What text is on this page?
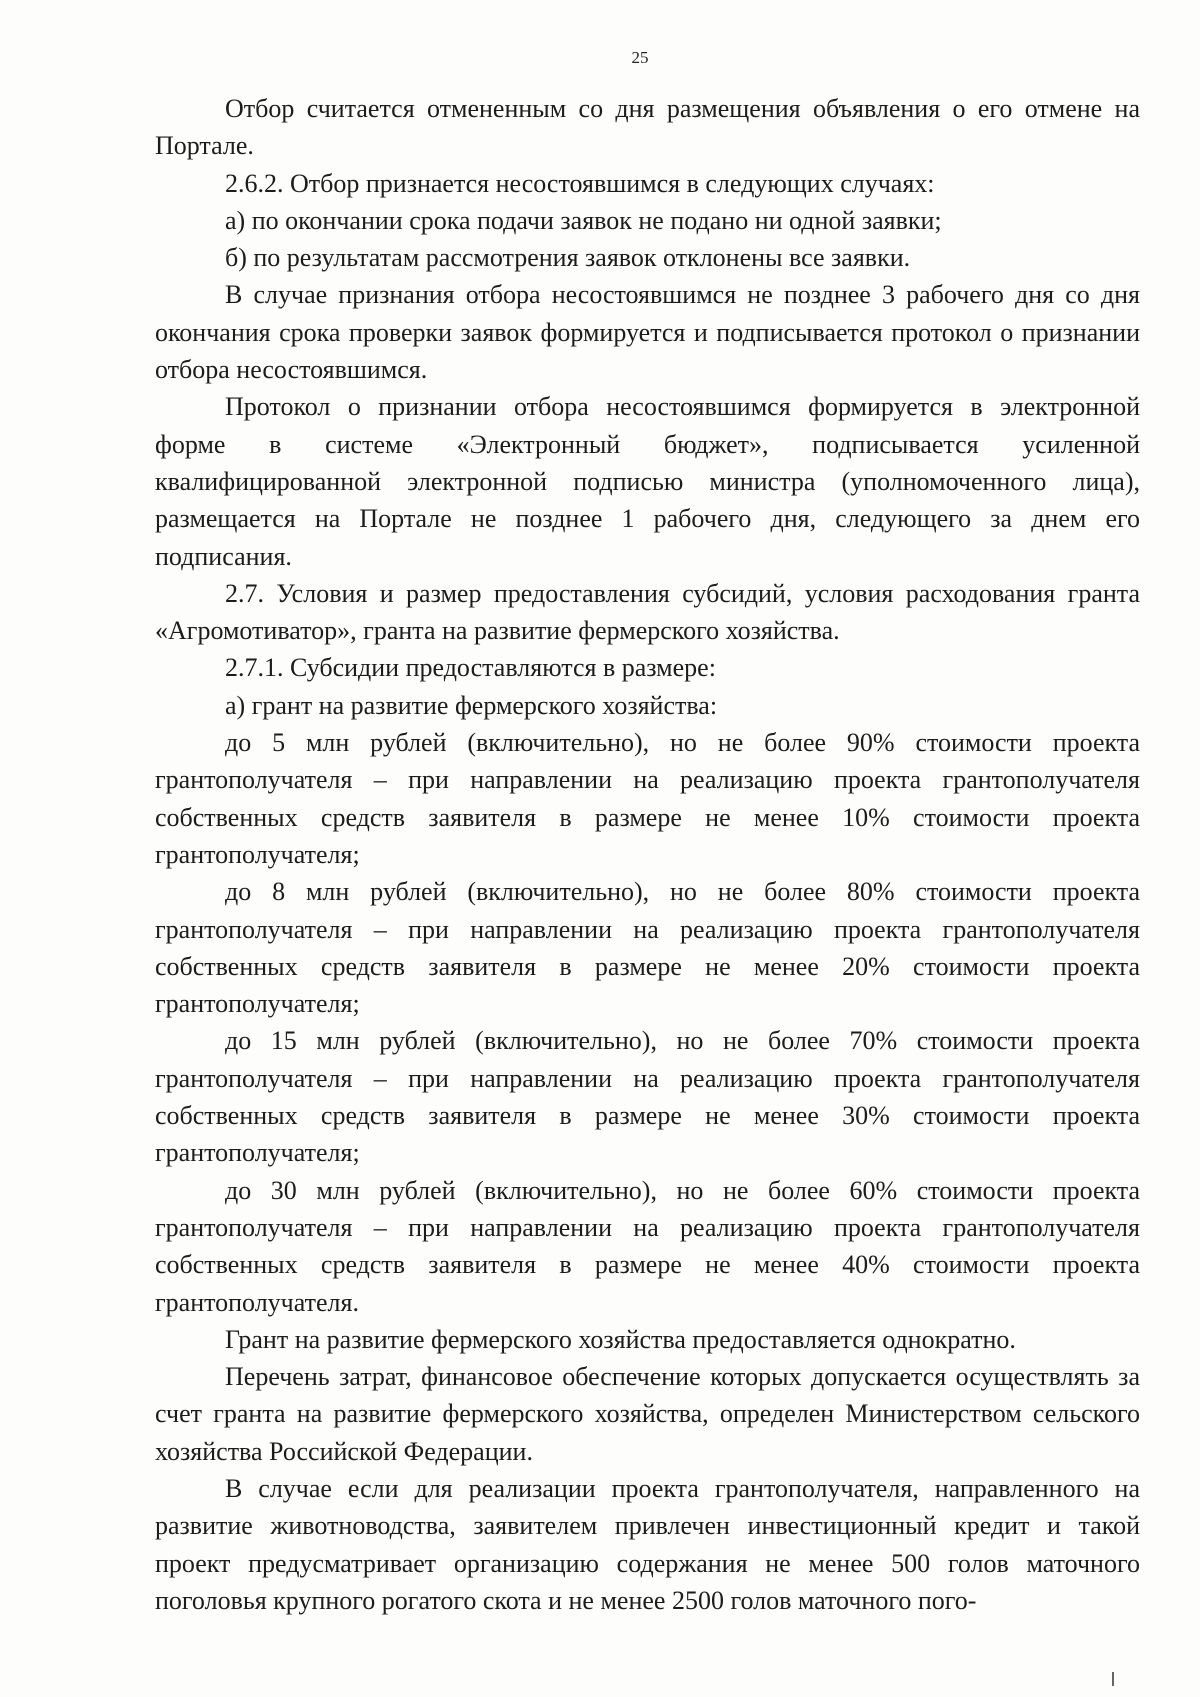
25

Отбор считается отмененным со дня размещения объявления о его отмене на Портале.

2.6.2. Отбор признается несостоявшимся в следующих случаях:

а) по окончании срока подачи заявок не подано ни одной заявки;

б) по результатам рассмотрения заявок отклонены все заявки.

В случае признания отбора несостоявшимся не позднее 3 рабочего дня со дня окончания срока проверки заявок формируется и подписывается протокол о признании отбора несостоявшимся.

Протокол о признании отбора несостоявшимся формируется в электронной форме в системе «Электронный бюджет», подписывается усиленной квалифицированной электронной подписью министра (уполномоченного лица), размещается на Портале не позднее 1 рабочего дня, следующего за днем его подписания.

2.7. Условия и размер предоставления субсидий, условия расходования гранта «Агромотиватор», гранта на развитие фермерского хозяйства.

2.7.1. Субсидии предоставляются в размере:

а) грант на развитие фермерского хозяйства:

до 5 млн рублей (включительно), но не более 90% стоимости проекта грантополучателя – при направлении на реализацию проекта грантополучателя собственных средств заявителя в размере не менее 10% стоимости проекта грантополучателя;

до 8 млн рублей (включительно), но не более 80% стоимости проекта грантополучателя – при направлении на реализацию проекта грантополучателя собственных средств заявителя в размере не менее 20% стоимости проекта грантополучателя;

до 15 млн рублей (включительно), но не более 70% стоимости проекта грантополучателя – при направлении на реализацию проекта грантополучателя собственных средств заявителя в размере не менее 30% стоимости проекта грантополучателя;

до 30 млн рублей (включительно), но не более 60% стоимости проекта грантополучателя – при направлении на реализацию проекта грантополучателя собственных средств заявителя в размере не менее 40% стоимости проекта грантополучателя.

Грант на развитие фермерского хозяйства предоставляется однократно.

Перечень затрат, финансовое обеспечение которых допускается осуществлять за счет гранта на развитие фермерского хозяйства, определен Министерством сельского хозяйства Российской Федерации.

В случае если для реализации проекта грантополучателя, направленного на развитие животноводства, заявителем привлечен инвестиционный кредит и такой проект предусматривает организацию содержания не менее 500 голов маточного поголовья крупного рогатого скота и не менее 2500 голов маточного пого-
